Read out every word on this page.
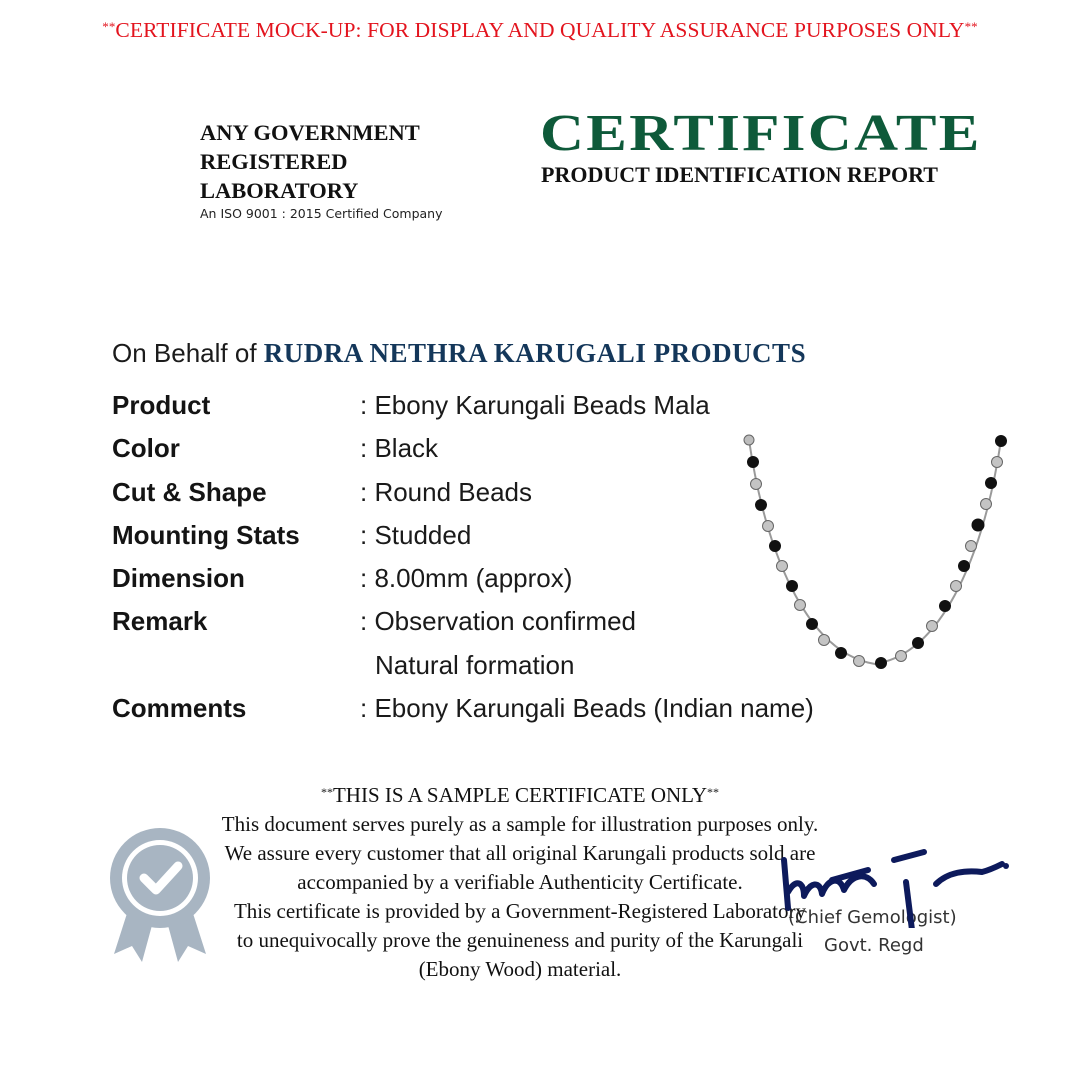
**CERTIFICATE MOCK-UP: FOR DISPLAY AND QUALITY ASSURANCE PURPOSES ONLY**
ANY GOVERNMENT
REGISTERED
LABORATORY
An ISO 9001 : 2015 Certified Company
CERTIFICATE
PRODUCT IDENTIFICATION REPORT
On Behalf of RUDRA NETHRA KARUGALI PRODUCTS
Product	: Ebony Karungali Beads Mala
Color	: Black
Cut & Shape	: Round Beads
Mounting Stats	: Studded
Dimension	: 8.00mm (approx)
Remark	: Observation confirmed
Natural formation
Comments	: Ebony Karungali Beads (Indian name)
**THIS IS A SAMPLE CERTIFICATE ONLY**
This document serves purely as a sample for illustration purposes only.
We assure every customer that all original Karungali products sold are
accompanied by a verifiable Authenticity Certificate.
This certificate is provided by a Government-Registered Laboratory
to unequivocally prove the genuineness and purity of the Karungali
(Ebony Wood) material.
(Chief Gemologist)
Govt. Regd
